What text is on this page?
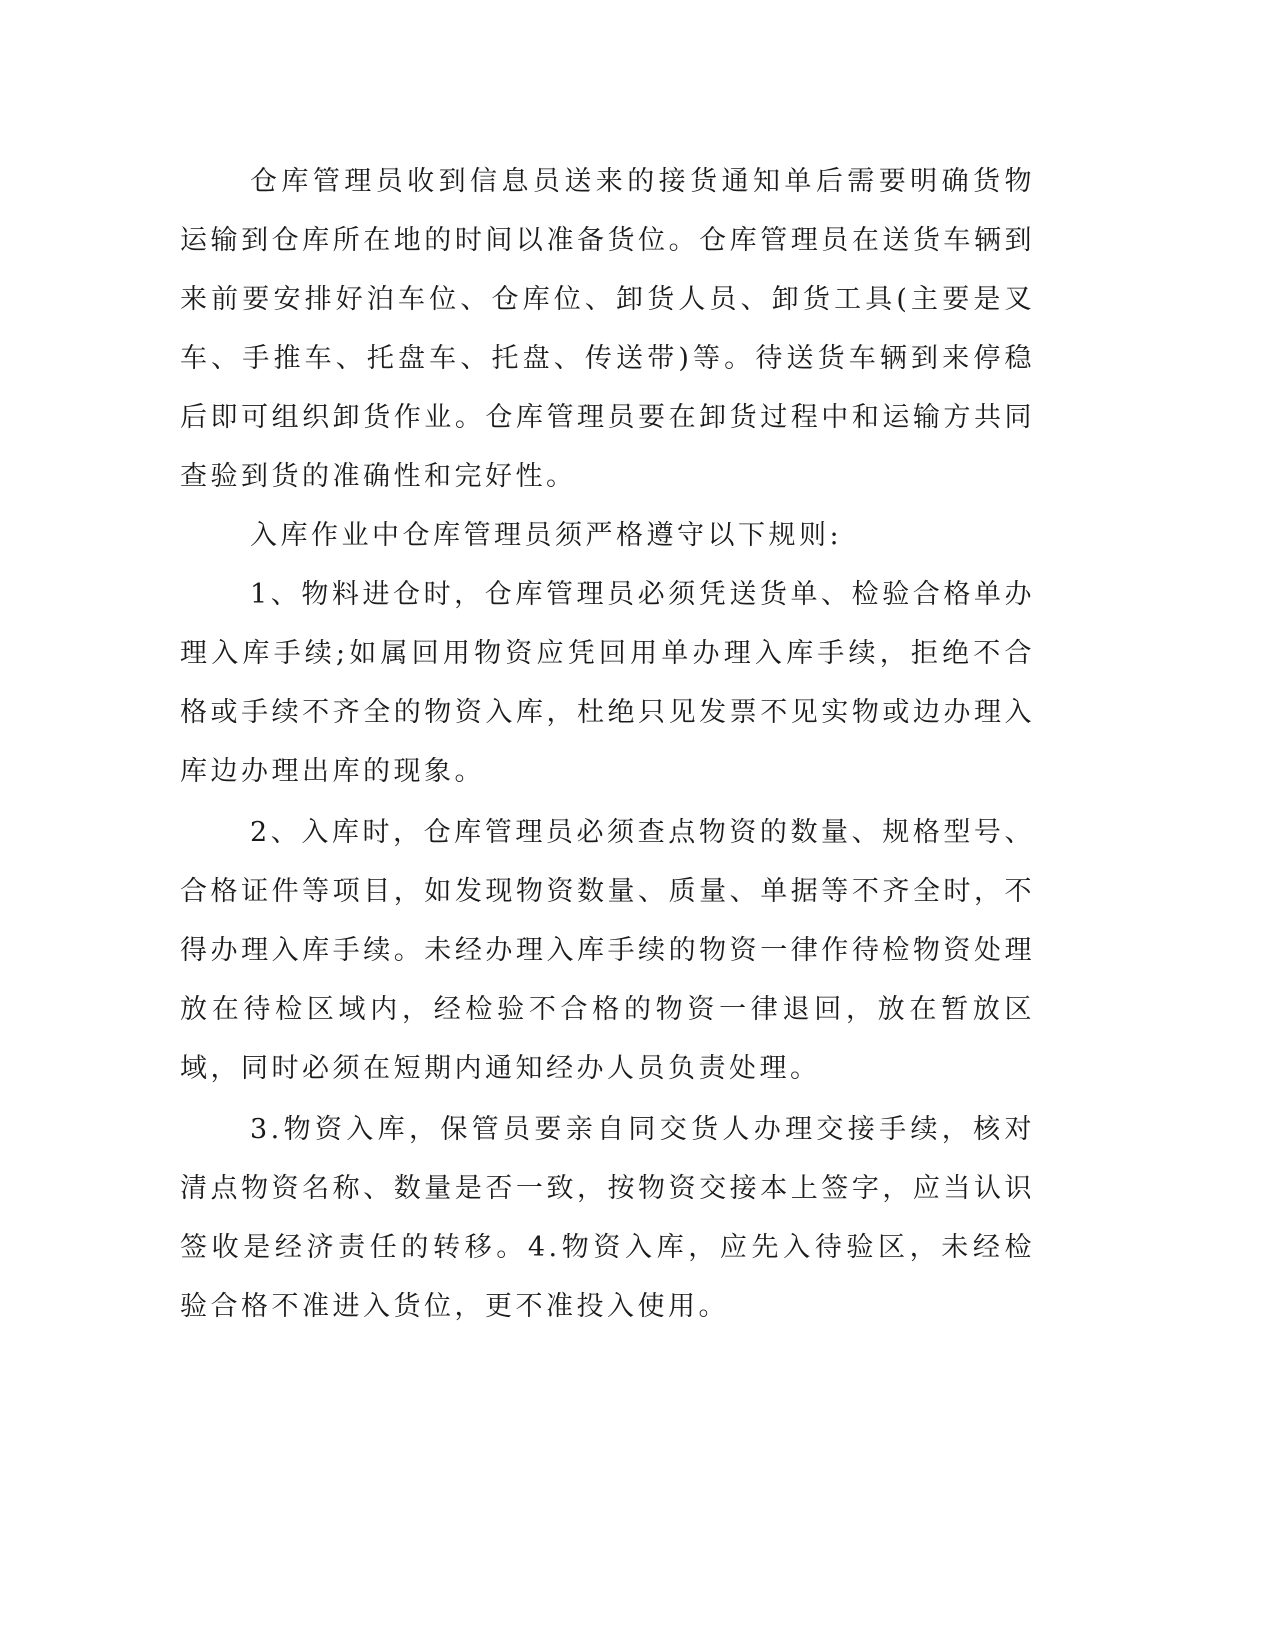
仓库管理员收到信息员送来的接货通知单后需要明确货物运输到仓库所在地的时间以准备货位。仓库管理员在送货车辆到来前要安排好泊车位、仓库位、卸货人员、卸货工具(主要是叉车、手推车、托盘车、托盘、传送带)等。待送货车辆到来停稳后即可组织卸货作业。仓库管理员要在卸货过程中和运输方共同查验到货的准确性和完好性。

入库作业中仓库管理员须严格遵守以下规则:

1、物料进仓时，仓库管理员必须凭送货单、检验合格单办理入库手续;如属回用物资应凭回用单办理入库手续，拒绝不合格或手续不齐全的物资入库，杜绝只见发票不见实物或边办理入库边办理出库的现象。

2、入库时，仓库管理员必须查点物资的数量、规格型号、合格证件等项目，如发现物资数量、质量、单据等不齐全时，不得办理入库手续。未经办理入库手续的物资一律作待检物资处理放在待检区域内，经检验不合格的物资一律退回，放在暂放区域，同时必须在短期内通知经办人员负责处理。

3.物资入库，保管员要亲自同交货人办理交接手续，核对清点物资名称、数量是否一致，按物资交接本上签字，应当认识签收是经济责任的转移。4.物资入库，应先入待验区，未经检验合格不准进入货位，更不准投入使用。
